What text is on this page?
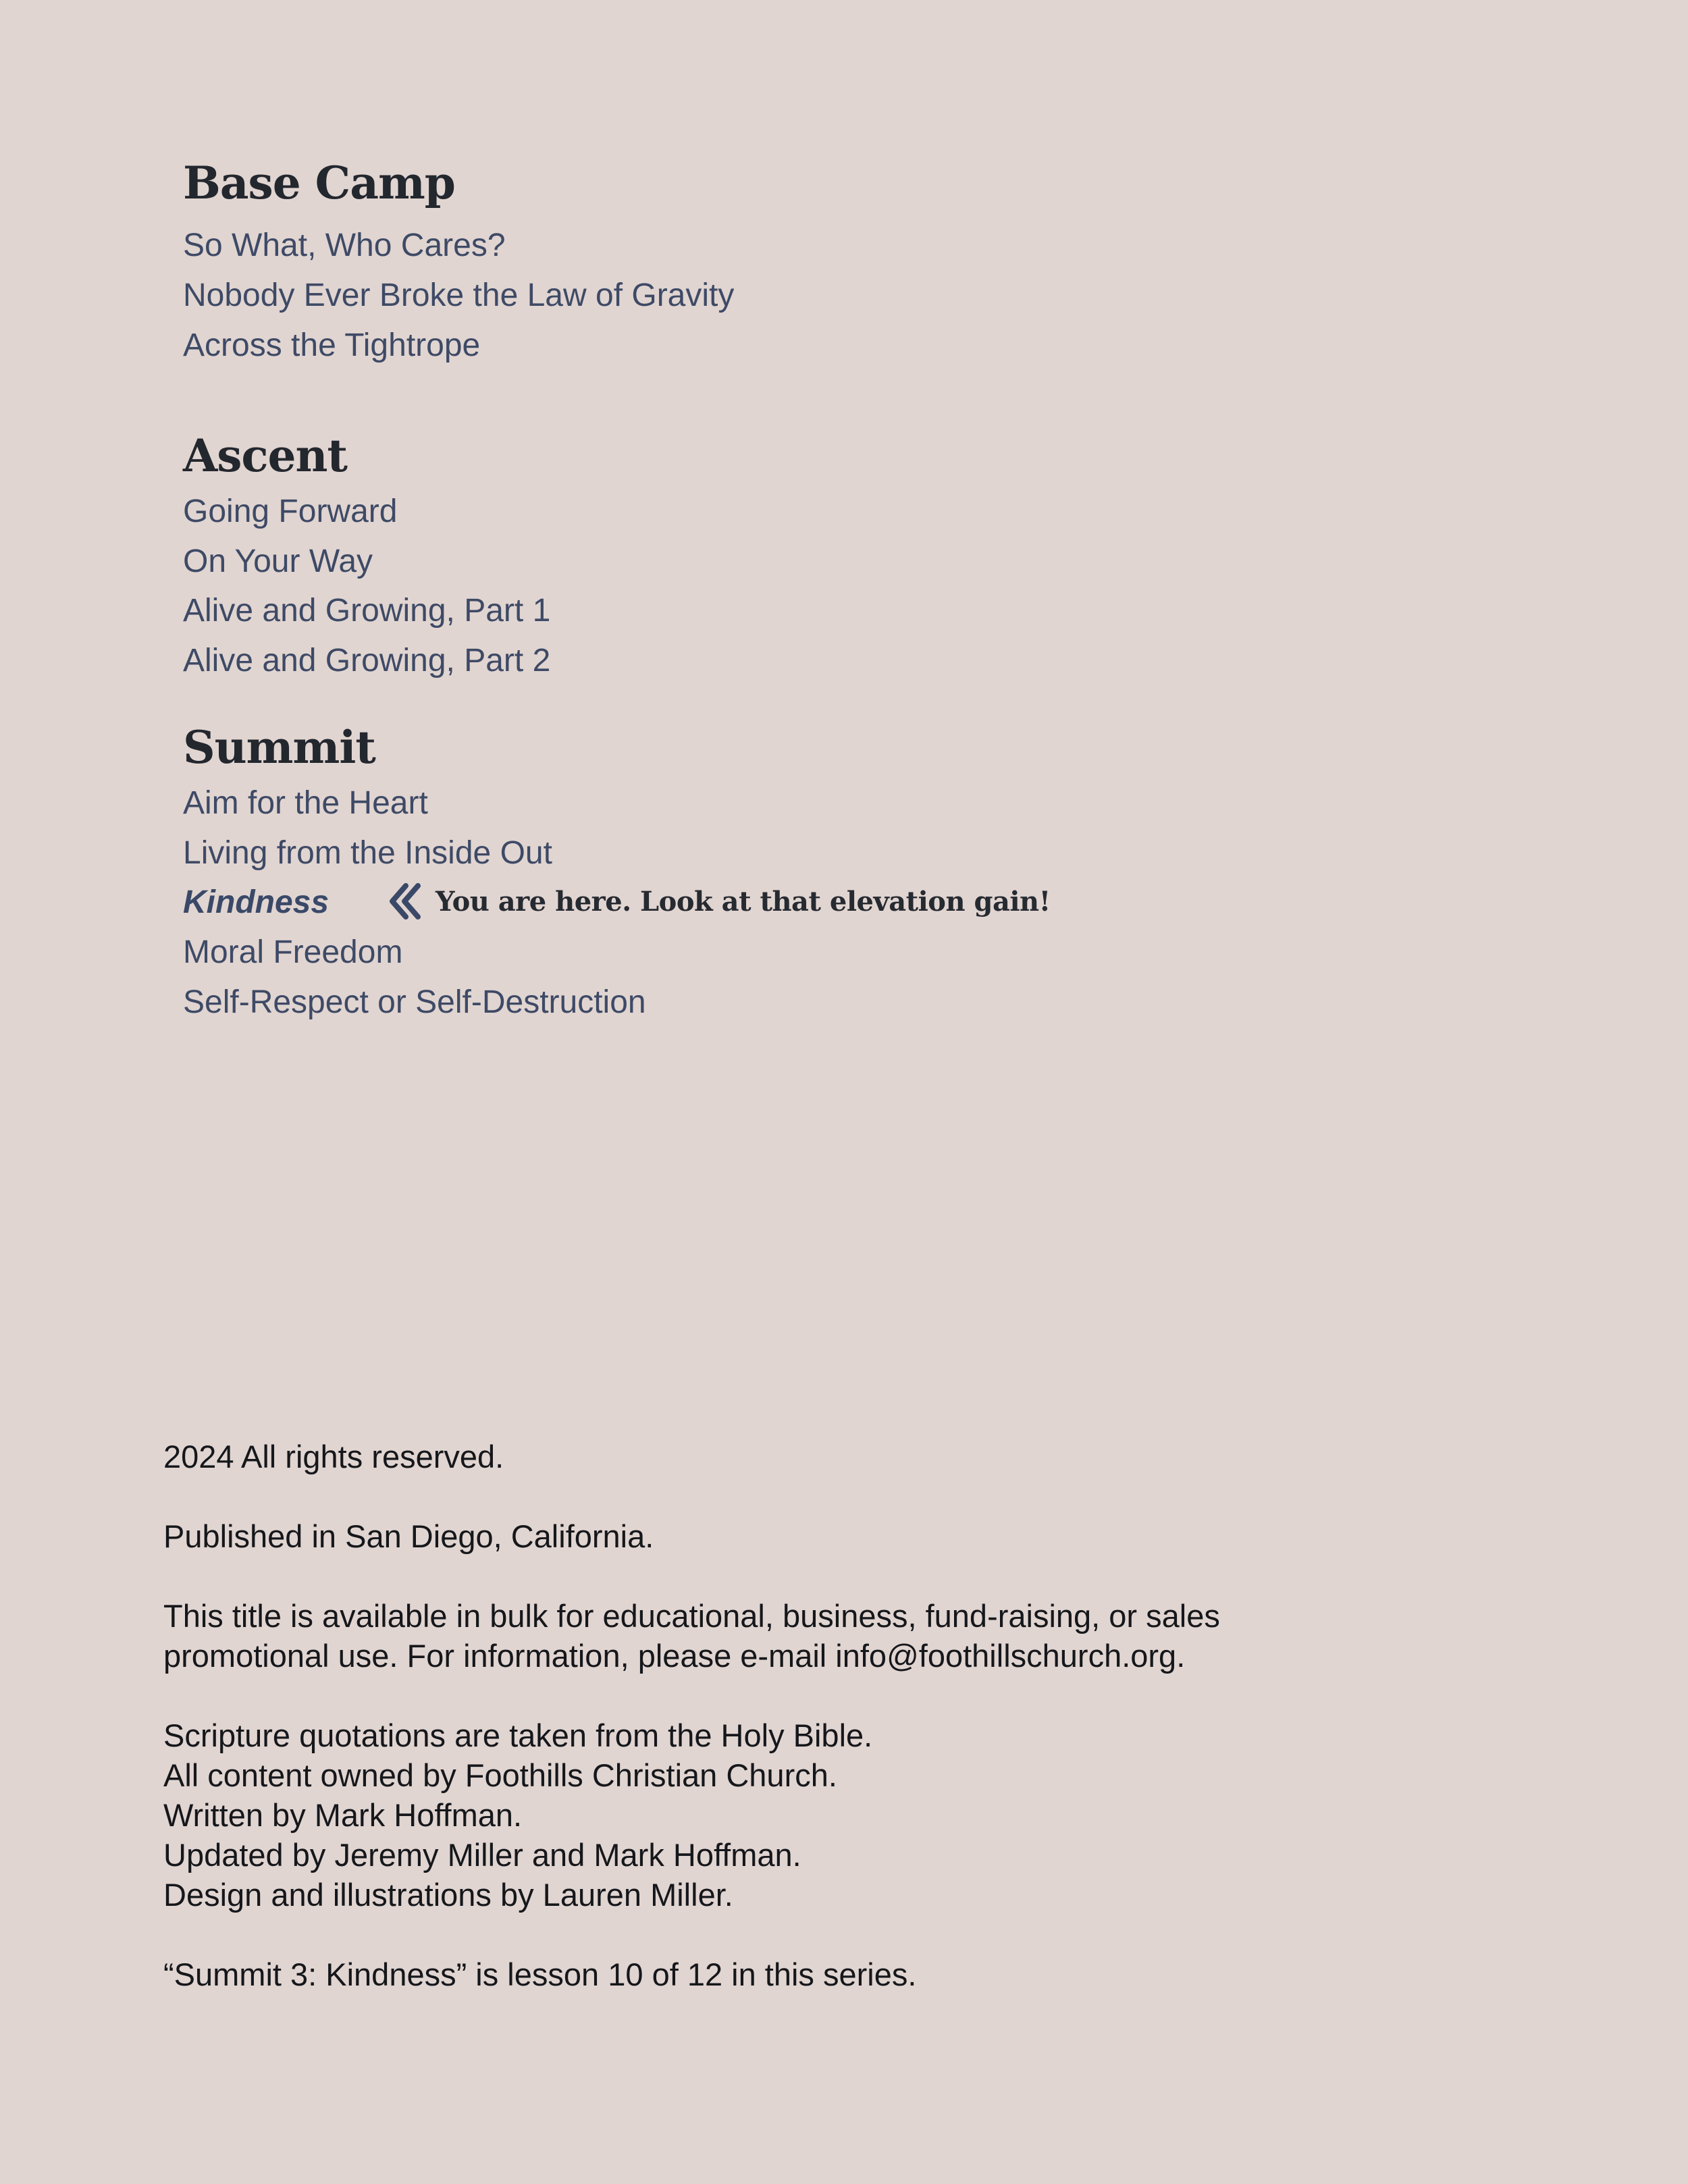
Base Camp
So What, Who Cares?
Nobody Ever Broke the Law of Gravity
Across the Tightrope
Ascent
Going Forward
On Your Way
Alive and Growing, Part 1
Alive and Growing, Part 2
Summit
Aim for the Heart
Living from the Inside Out
Kindness
Moral Freedom
Self-Respect or Self-Destruction
You are here. Look at that elevation gain!

2024 All rights reserved.

Published in San Diego, California.

This title is available in bulk for educational, business, fund-raising, or sales

promotional use. For information, please e-mail info@foothillschurch.org.

Scripture quotations are taken from the Holy Bible.

All content owned by Foothills Christian Church.

Written by Mark Hoffman.

Updated by Jeremy Miller and Mark Hoffman.

Design and illustrations by Lauren Miller.

“Summit 3: Kindness” is lesson 10 of 12 in this series.
